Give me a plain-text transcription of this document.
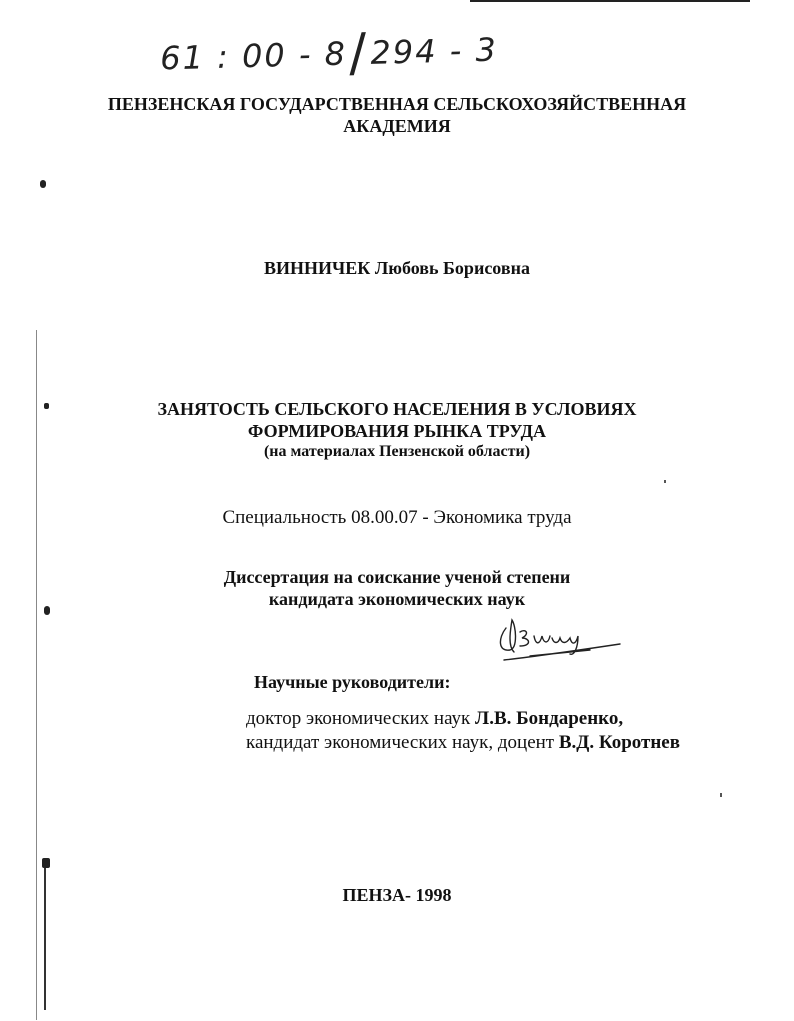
61 : 00 - 8/294 - 3
ПЕНЗЕНСКАЯ ГОСУДАРСТВЕННАЯ СЕЛЬСКОХОЗЯЙСТВЕННАЯ
АКАДЕМИЯ
ВИННИЧЕК Любовь Борисовна
ЗАНЯТОСТЬ СЕЛЬСКОГО НАСЕЛЕНИЯ В УСЛОВИЯХ
ФОРМИРОВАНИЯ РЫНКА ТРУДА
(на материалах Пензенской области)
Специальность 08.00.07 - Экономика труда
Диссертация на соискание ученой степени
кандидата экономических наук
Научные руководители:
доктор экономических наук Л.В. Бондаренко,
кандидат экономических наук, доцент В.Д. Коротнев
ПЕНЗА- 1998
